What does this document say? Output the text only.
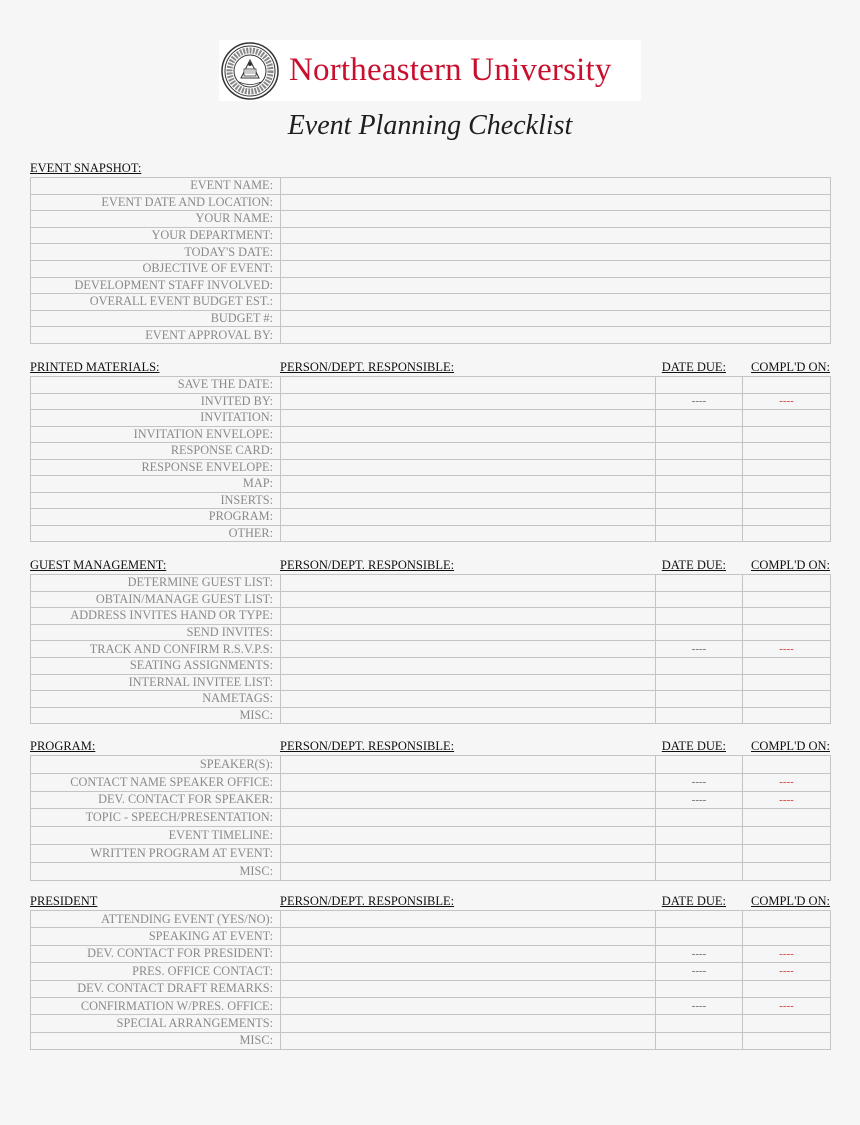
Northeastern University
Event Planning Checklist
EVENT SNAPSHOT:
EVENT NAME:	
EVENT DATE AND LOCATION:	
YOUR NAME:	
YOUR DEPARTMENT:	
TODAY'S DATE:	
OBJECTIVE OF EVENT:	
DEVELOPMENT STAFF INVOLVED:	
OVERALL EVENT BUDGET EST.:	
BUDGET #:	
EVENT APPROVAL BY:	
PRINTED MATERIALS:	PERSON/DEPT. RESPONSIBLE:	DATE DUE: COMPL'D ON:
SAVE THE DATE:			
INVITED BY:		----	----
INVITATION:			
INVITATION ENVELOPE:			
RESPONSE CARD:			
RESPONSE ENVELOPE:			
MAP:			
INSERTS:			
PROGRAM:			
OTHER:			
GUEST MANAGEMENT:	PERSON/DEPT. RESPONSIBLE:	DATE DUE: COMPL'D ON:
DETERMINE GUEST LIST:			
OBTAIN/MANAGE GUEST LIST:			
ADDRESS INVITES HAND OR TYPE:			
SEND INVITES:			
TRACK AND CONFIRM R.S.V.P.S:		----	----
SEATING ASSIGNMENTS:			
INTERNAL INVITEE LIST:			
NAMETAGS:			
MISC:			
PROGRAM:	PERSON/DEPT. RESPONSIBLE:	DATE DUE: COMPL'D ON:
SPEAKER(S):			
CONTACT NAME SPEAKER OFFICE:		----	----
DEV. CONTACT FOR SPEAKER:		----	----
TOPIC - SPEECH/PRESENTATION:			
EVENT TIMELINE:			
WRITTEN PROGRAM AT EVENT:			
MISC:			
PRESIDENT	PERSON/DEPT. RESPONSIBLE:	DATE DUE: COMPL'D ON:
ATTENDING EVENT (YES/NO):			
SPEAKING AT EVENT:			
DEV. CONTACT FOR PRESIDENT:		----	----
PRES. OFFICE CONTACT:		----	----
DEV. CONTACT DRAFT REMARKS:			
CONFIRMATION W/PRES. OFFICE:		----	----
SPECIAL ARRANGEMENTS:			
MISC:			
